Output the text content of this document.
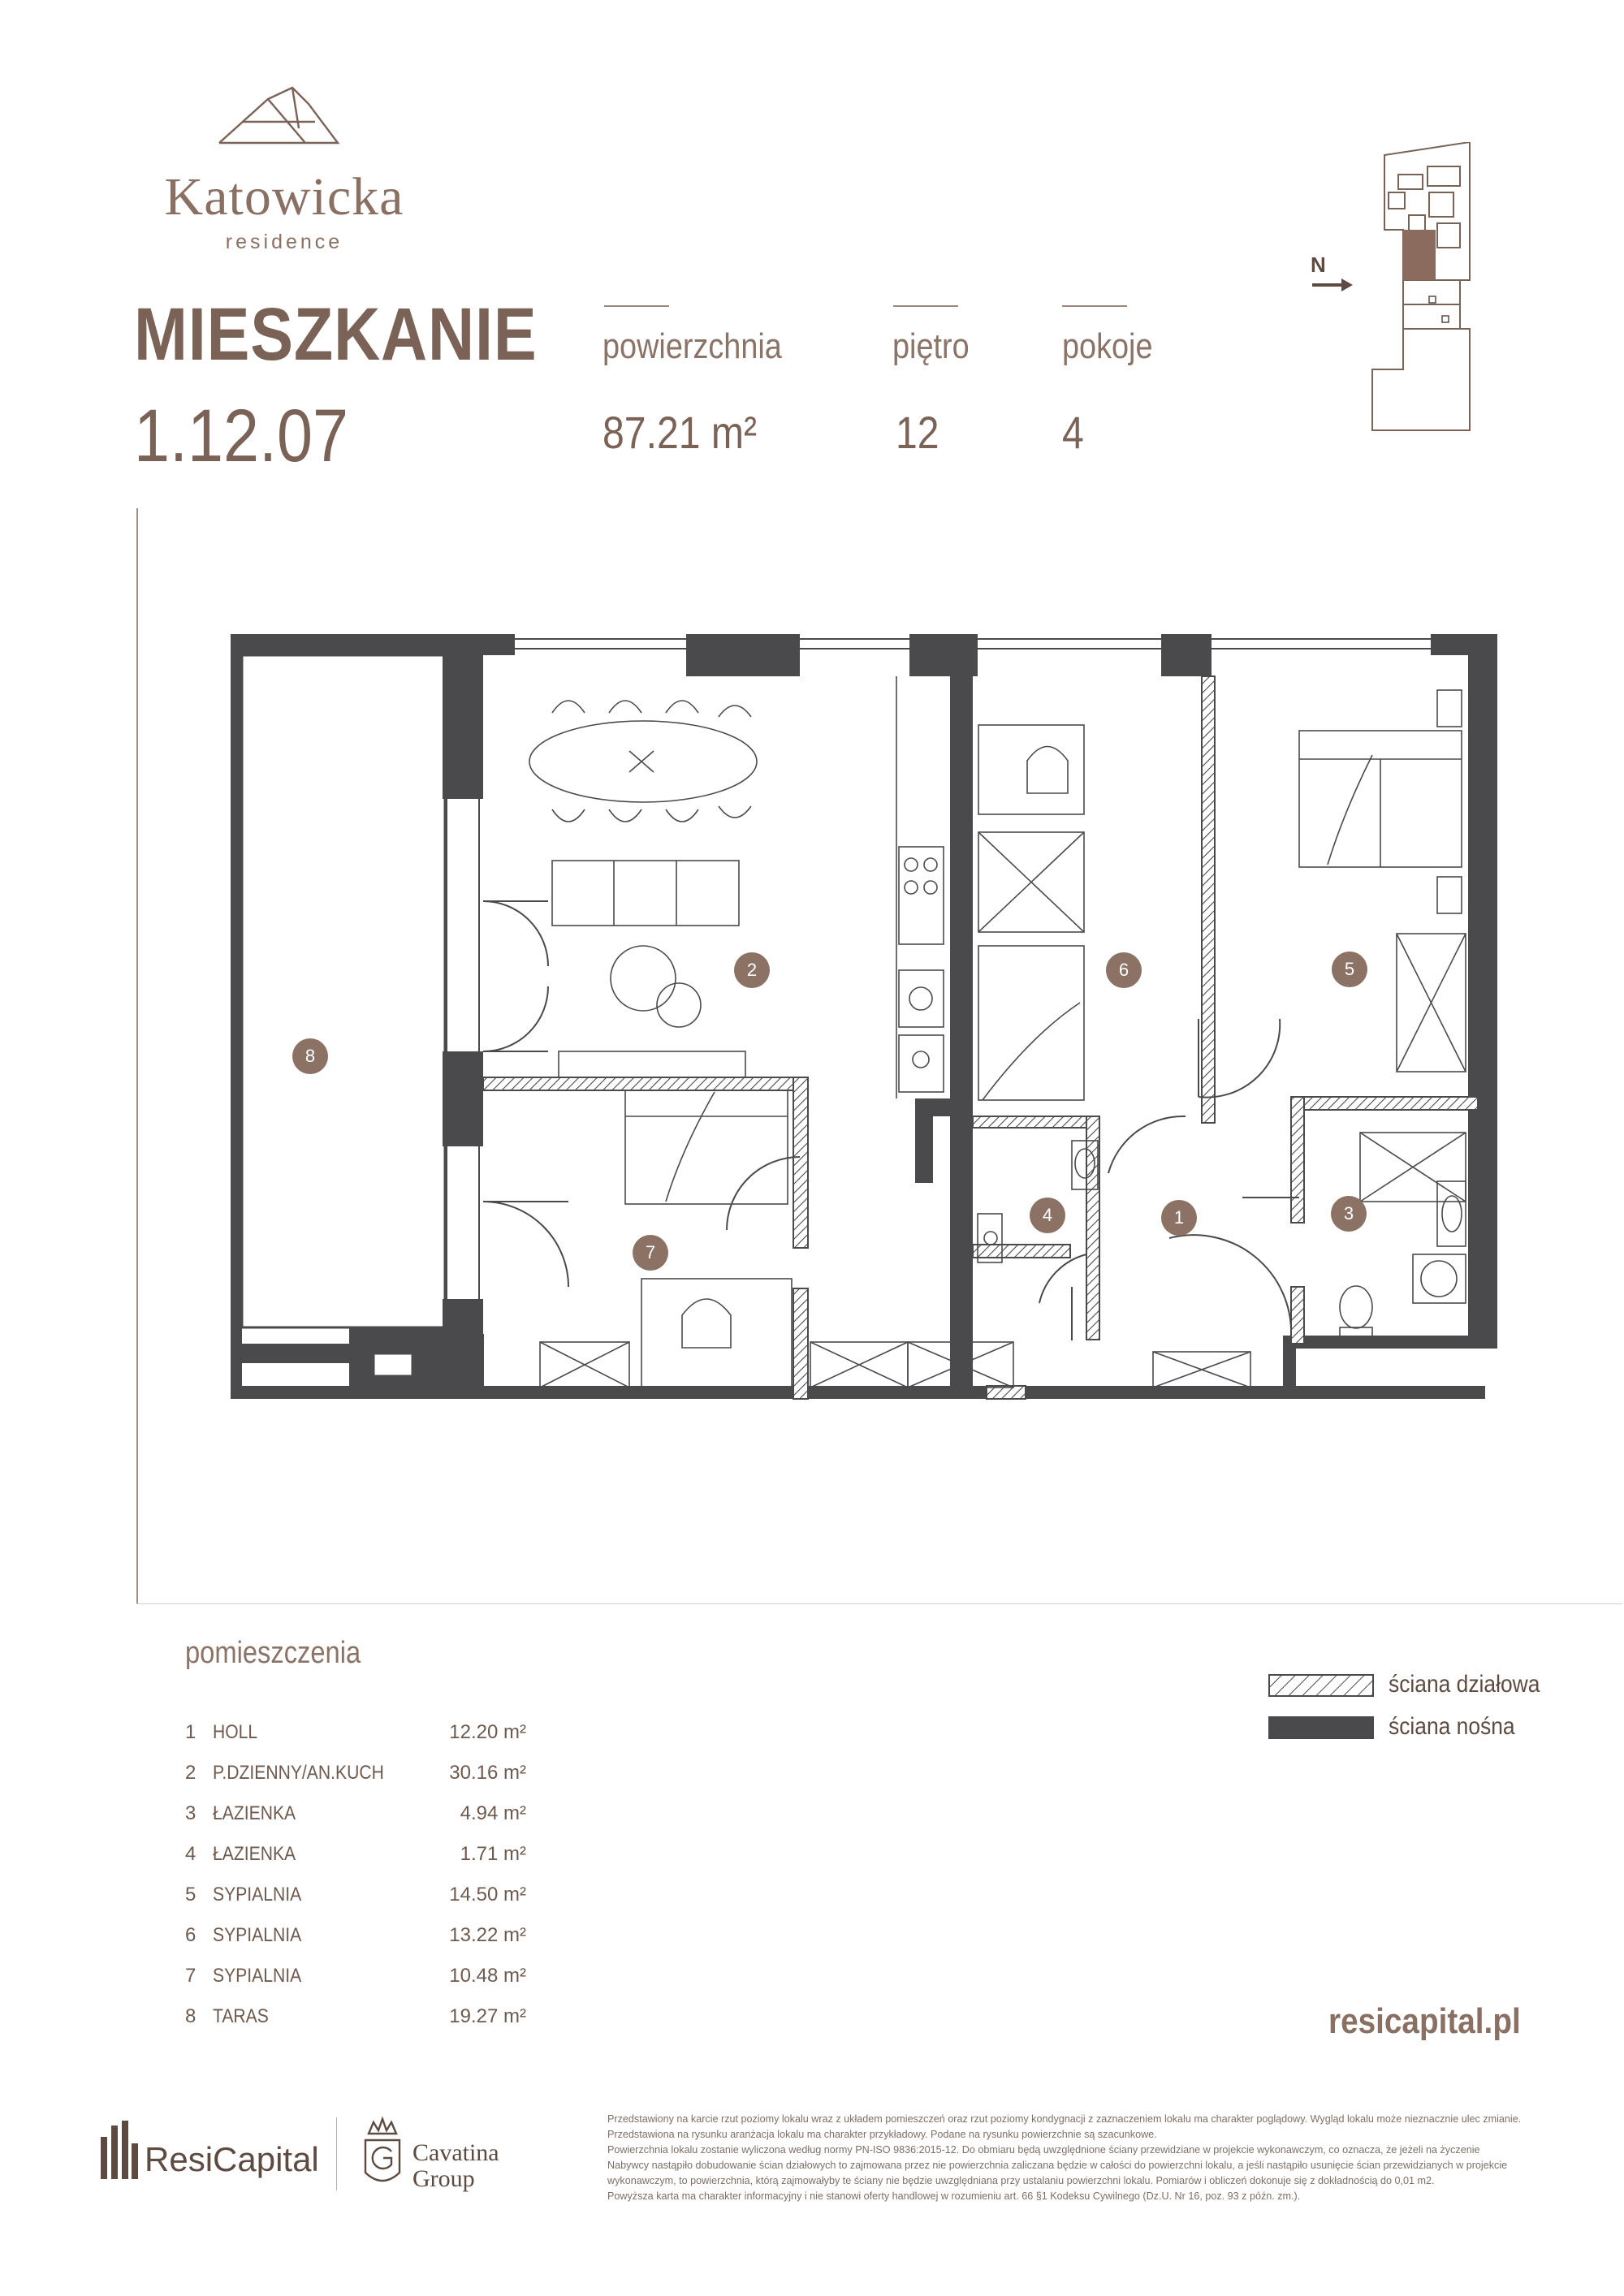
Katowicka
residence
MIESZKANIE
1.12.07
powierzchnia
87.21 m²
piętro
12
pokoje
4
N
1
2
3
4
5
6
7
8
pomieszczenia
1 HOLL	12.20 m²
2 P.DZIENNY/AN.KUCH	30.16 m²
3 ŁAZIENKA	4.94 m²
4 ŁAZIENKA	1.71 m²
5 SYPIALNIA	14.50 m²
6 SYPIALNIA	13.22 m²
7 SYPIALNIA	10.48 m²
8 TARAS	19.27 m²
ściana działowa
ściana nośna
resicapital.pl
ResiCapital	Cavatina
Group
Przedstawiony na karcie rzut poziomy lokalu wraz z układem pomieszczeń oraz rzut poziomy kondygnacji z zaznaczeniem lokalu ma charakter poglądowy. Wygląd lokalu może nieznacznie ulec zmianie.
Przedstawiona na rysunku aranżacja lokalu ma charakter przykładowy. Podane na rysunku powierzchnie są szacunkowe.
Powierzchnia lokalu zostanie wyliczona według normy PN-ISO 9836:2015-12. Do obmiaru będą uwzględnione ściany przewidziane w projekcie wykonawczym, co oznacza, że jeżeli na życzenie
Nabywcy nastąpiło dobudowanie ścian działowych to zajmowana przez nie powierzchnia zaliczana będzie w całości do powierzchni lokalu, a jeśli nastąpiło usunięcie ścian przewidzianych w projekcie
wykonawczym, to powierzchnia, którą zajmowałyby te ściany nie będzie uwzględniana przy ustalaniu powierzchni lokalu. Pomiarów i obliczeń dokonuje się z dokładnością do 0,01 m2.
Powyższa karta ma charakter informacyjny i nie stanowi oferty handlowej w rozumieniu art. 66 §1 Kodeksu Cywilnego (Dz.U. Nr 16, poz. 93 z późn. zm.).
